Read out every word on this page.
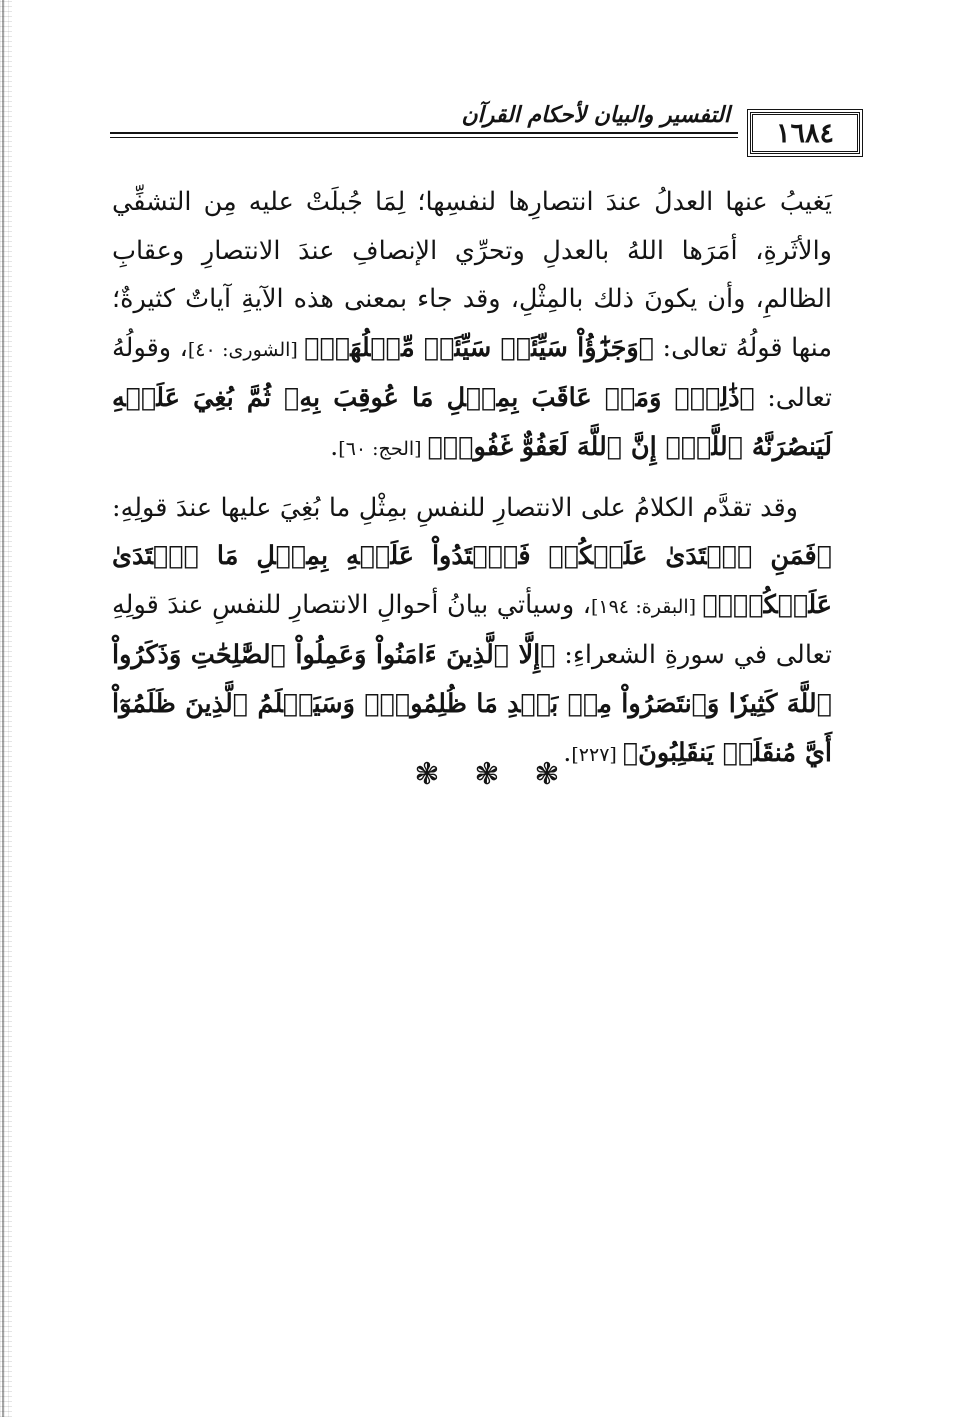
التفسير والبيان لأحكام القرآن
١٦٨٤

يَغيبُ عنها العدلُ عندَ انتصارِها لنفسِها؛ لِمَا جُبلَتْ عليه مِن التشفِّي والأثَرةِ، أمَرَها اللهُ بالعدلِ وتحرِّي الإنصافِ عندَ الانتصارِ وعقابِ الظالمِ، وأن يكونَ ذلك بالمِثْلِ، وقد جاء بمعنى هذه الآيةِ آياتٌ كثيرةٌ؛ منها قولُهُ تعالى: ﴿وَجَزَٰٓؤُاْ سَيِّئَةٖ سَيِّئَةٞ مِّثۡلُهَاۖ﴾ [الشورى: ٤٠]، وقولُهُ تعالى: ﴿ذَٰلِكَۖ وَمَنۡ عَاقَبَ بِمِثۡلِ مَا عُوقِبَ بِهِۦ ثُمَّ بُغِيَ عَلَيۡهِ لَيَنصُرَنَّهُ ٱللَّهُۚ إِنَّ ٱللَّهَ لَعَفُوٌّ غَفُورٞ﴾ [الحج: ٦٠].

وقد تقدَّم الكلامُ على الانتصارِ للنفسِ بمِثْلِ ما بُغِيَ عليها عندَ قولِهِ: ﴿فَمَنِ ٱعۡتَدَىٰ عَلَيۡكُمۡ فَٱعۡتَدُواْ عَلَيۡهِ بِمِثۡلِ مَا ٱعۡتَدَىٰ عَلَيۡكُمۡۚ﴾ [البقرة: ١٩٤]، وسيأتي بيانُ أحوالِ الانتصارِ للنفسِ عندَ قولِهِ تعالى في سورةِ الشعراءِ: ﴿إِلَّا ٱلَّذِينَ ءَامَنُواْ وَعَمِلُواْ ٱلصَّٰلِحَٰتِ وَذَكَرُواْ ٱللَّهَ كَثِيرٗا وَٱنتَصَرُواْ مِنۢ بَعۡدِ مَا ظُلِمُواْۗ وَسَيَعۡلَمُ ٱلَّذِينَ ظَلَمُوٓاْ أَيَّ مُنقَلَبٖ يَنقَلِبُونَ﴾ [٢٢٧].

❃ ❃ ❃
